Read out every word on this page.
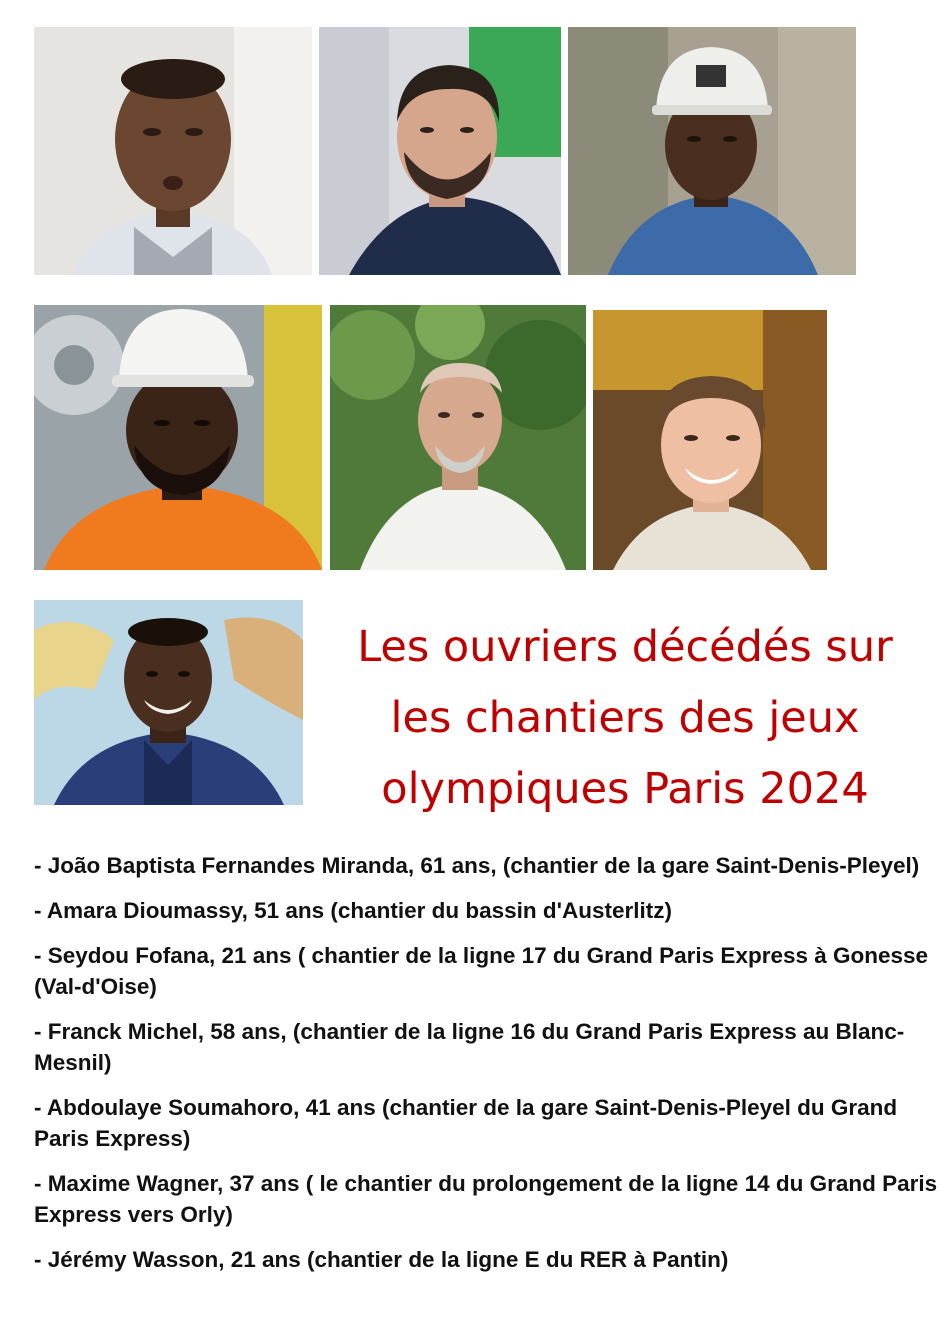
Les ouvriers décédés sur les chantiers des jeux olympiques Paris 2024
- João Baptista Fernandes Miranda, 61 ans, (chantier de la gare Saint-Denis-Pleyel)
- Amara Dioumassy, 51 ans (chantier du bassin d'Austerlitz)
- Seydou Fofana, 21 ans ( chantier de la ligne 17 du Grand Paris Express à Gonesse (Val-d'Oise)
- Franck Michel, 58 ans, (chantier de la ligne 16 du Grand Paris Express au Blanc-Mesnil)
- Abdoulaye Soumahoro, 41 ans (chantier de la gare Saint-Denis-Pleyel du Grand Paris Express)
- Maxime Wagner, 37 ans ( le chantier du prolongement de la ligne 14 du Grand Paris Express vers Orly)
- Jérémy Wasson, 21 ans (chantier de la ligne E du RER à Pantin)
